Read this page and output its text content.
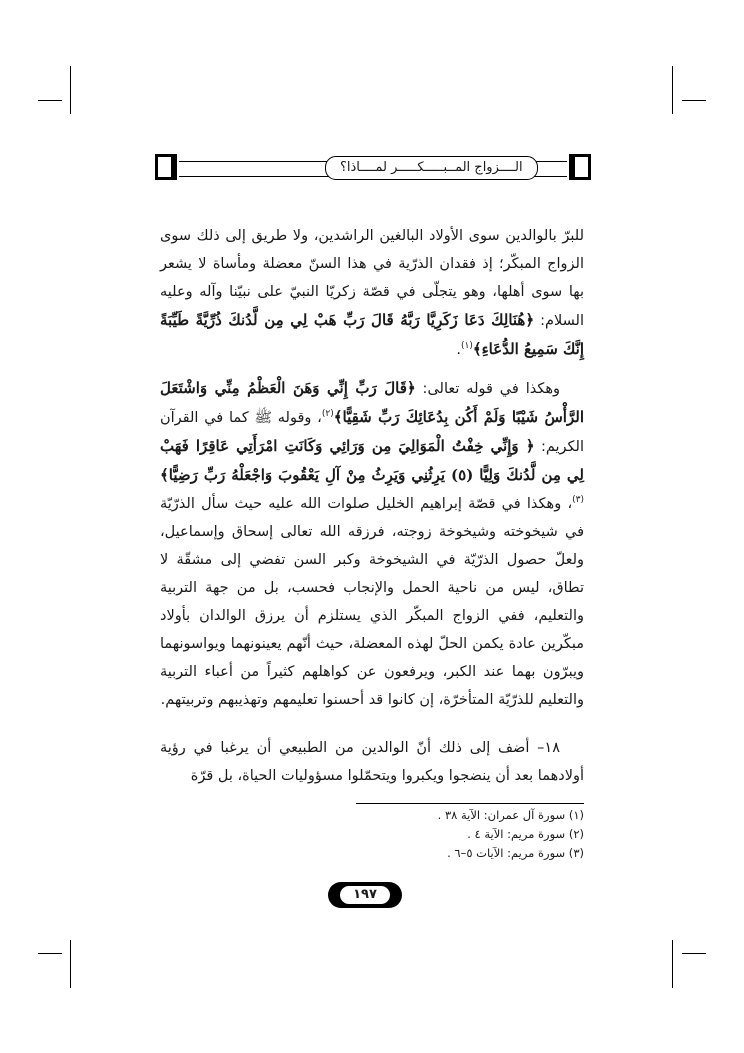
الــــزواج المــبـــــكـــــر لمــــاذا؟
للبرّ بالوالدين سوى الأولاد البالغين الراشدين، ولا طريق إلى ذلك سوى الزواج المبكّر؛ إذ فقدان الذرّية في هذا السنّ معضلة ومأساة لا يشعر بها سوى أهلها، وهو يتجلّى في قصّة زكريّا النبيّ على نبيّنا وآله وعليه السلام: ﴿هُنَالِكَ دَعَا زَكَرِيَّا رَبَّهُ قَالَ رَبِّ هَبْ لِي مِن لَّدُنكَ ذُرِّيَّةً طَيِّبَةً إِنَّكَ سَمِيعُ الدُّعَاءِ﴾$^{(١)}$.
وهكذا في قوله تعالى: ﴿قَالَ رَبِّ إِنِّي وَهَنَ الْعَظْمُ مِنِّي وَاشْتَعَلَ الرَّأْسُ شَيْبًا وَلَمْ أَكُن بِدُعَائِكَ رَبِّ شَقِيًّا﴾$^{(٢)}$، وقوله ﷺ كما في القرآن الكريم: ﴿ وَإِنِّي خِفْتُ الْمَوَالِيَ مِن وَرَائِي وَكَانَتِ امْرَأَتِي عَاقِرًا فَهَبْ لِي مِن لَّدُنكَ وَلِيًّا (٥) يَرِثُنِي وَيَرِثُ مِنْ آلِ يَعْقُوبَ وَاجْعَلْهُ رَبِّ رَضِيًّا﴾$^{(٣)}$، وهكذا في قصّة إبراهيم الخليل صلوات الله عليه حيث سأل الذرّيّة في شيخوخته وشيخوخة زوجته، فرزقه الله تعالى إسحاق وإسماعيل، ولعلّ حصول الذرّيّة في الشيخوخة وكبر السن تفضي إلى مشقّة لا تطاق، ليس من ناحية الحمل والإنجاب فحسب، بل من جهة التربية والتعليم، ففي الزواج المبكّر الذي يستلزم أن يرزق الوالدان بأولاد مبكّرين عادة يكمن الحلّ لهذه المعضلة، حيث أنّهم يعينونهما ويواسونهما ويبرّون بهما عند الكبر، ويرفعون عن كواهلهم كثيراً من أعباء التربية والتعليم للذرّيّة المتأخرّة، إن كانوا قد أحسنوا تعليمهم وتهذيبهم وتربيتهم.
١٨– أضف إلى ذلك أنّ الوالدين من الطبيعي أن يرغبا في رؤية أولادهما بعد أن ينضجوا ويكبروا ويتحمّلوا مسؤوليات الحياة، بل قرّة
(١) سورة آل عمران: الآية ٣٨ .
(٢) سورة مريم: الآية ٤ .
(٣) سورة مريم: الآيات ٥–٦ .
١٩٧
